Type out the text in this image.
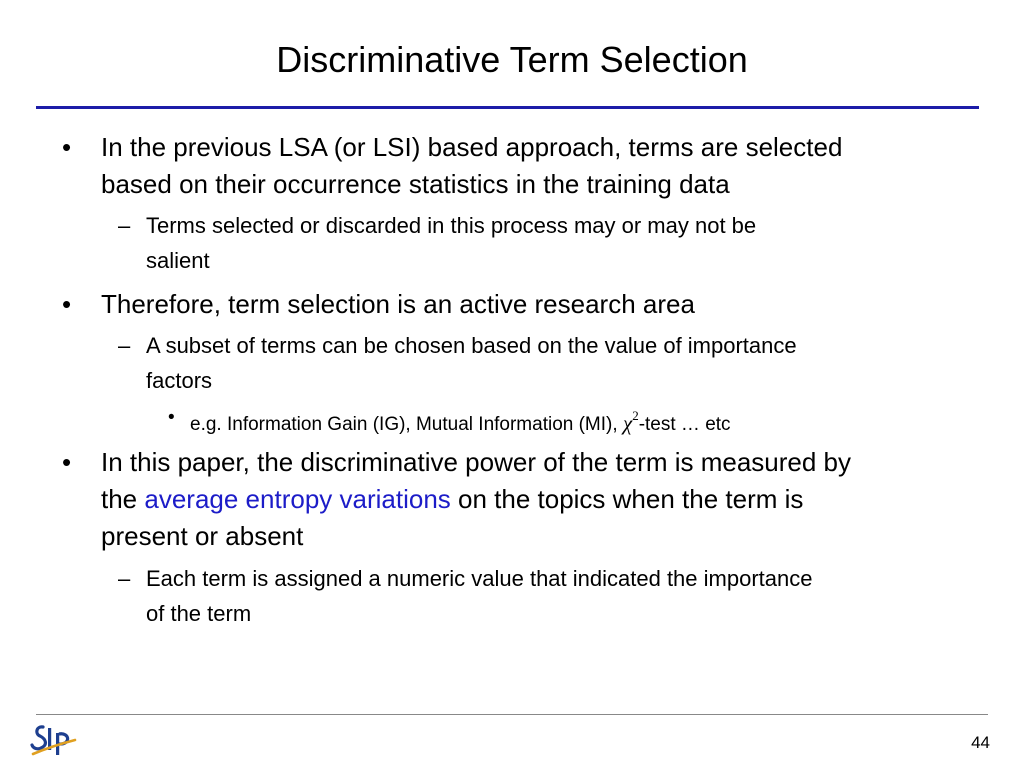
Discriminative Term Selection
• In the previous LSA (or LSI) based approach, terms are selected
based on their occurrence statistics in the training data
– Terms selected or discarded in this process may or may not be
salient
• Therefore, term selection is an active research area
– A subset of terms can be chosen based on the value of importance
factors
• e.g. Information Gain (IG), Mutual Information (MI), $\chi^2$-test … etc
• In this paper, the discriminative power of the term is measured by
the average entropy variations on the topics when the term is
present or absent
– Each term is assigned a numeric value that indicated the importance
of the term
44
